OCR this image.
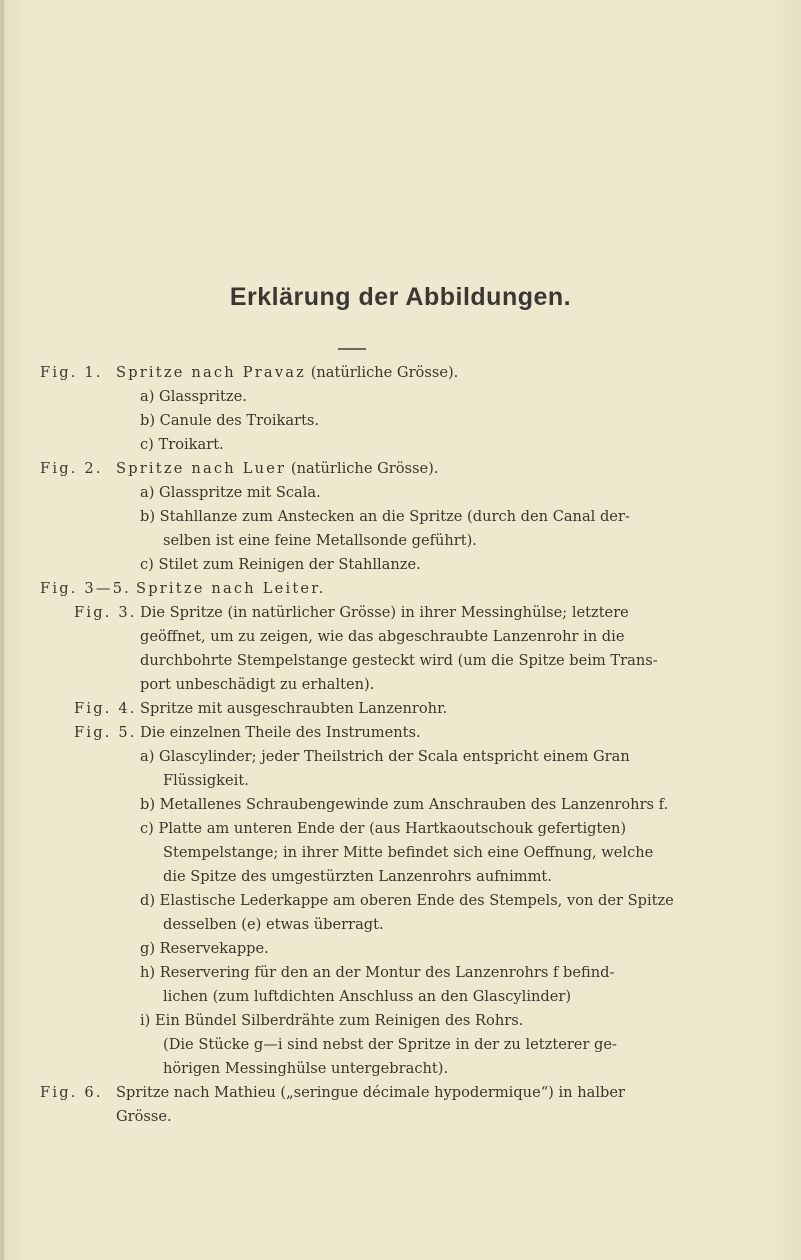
Erklärung der Abbildungen.
Fig. 1. Spritze nach Pravaz (natürliche Grösse).
a) Glasspritze.
b) Canule des Troikarts.
c) Troikart.
Fig. 2. Spritze nach Luer (natürliche Grösse).
a) Glasspritze mit Scala.
b) Stahllanze zum Anstecken an die Spritze (durch den Canal der-
selben ist eine feine Metallsonde geführt).
c) Stilet zum Reinigen der Stahllanze.
Fig. 3—5. Spritze nach Leiter.
Fig. 3. Die Spritze (in natürlicher Grösse) in ihrer Messinghülse; letztere
geöffnet, um zu zeigen, wie das abgeschraubte Lanzenrohr in die
durchbohrte Stempelstange gesteckt wird (um die Spitze beim Trans-
port unbeschädigt zu erhalten).
Fig. 4. Spritze mit ausgeschraubten Lanzenrohr.
Fig. 5. Die einzelnen Theile des Instruments.
a) Glascylinder; jeder Theilstrich der Scala entspricht einem Gran
Flüssigkeit.
b) Metallenes Schraubengewinde zum Anschrauben des Lanzenrohrs f.
c) Platte am unteren Ende der (aus Hartkaoutschouk gefertigten)
Stempelstange; in ihrer Mitte befindet sich eine Oeffnung, welche
die Spitze des umgestürzten Lanzenrohrs aufnimmt.
d) Elastische Lederkappe am oberen Ende des Stempels, von der Spitze
desselben (e) etwas überragt.
g) Reservekappe.
h) Reservering für den an der Montur des Lanzenrohrs f befind-
lichen (zum luftdichten Anschluss an den Glascylinder)
i) Ein Bündel Silberdrähte zum Reinigen des Rohrs.
(Die Stücke g—i sind nebst der Spritze in der zu letzterer ge-
hörigen Messinghülse untergebracht).
Fig. 6. Spritze nach Mathieu („seringue décimale hypodermique“) in halber
Grösse.
